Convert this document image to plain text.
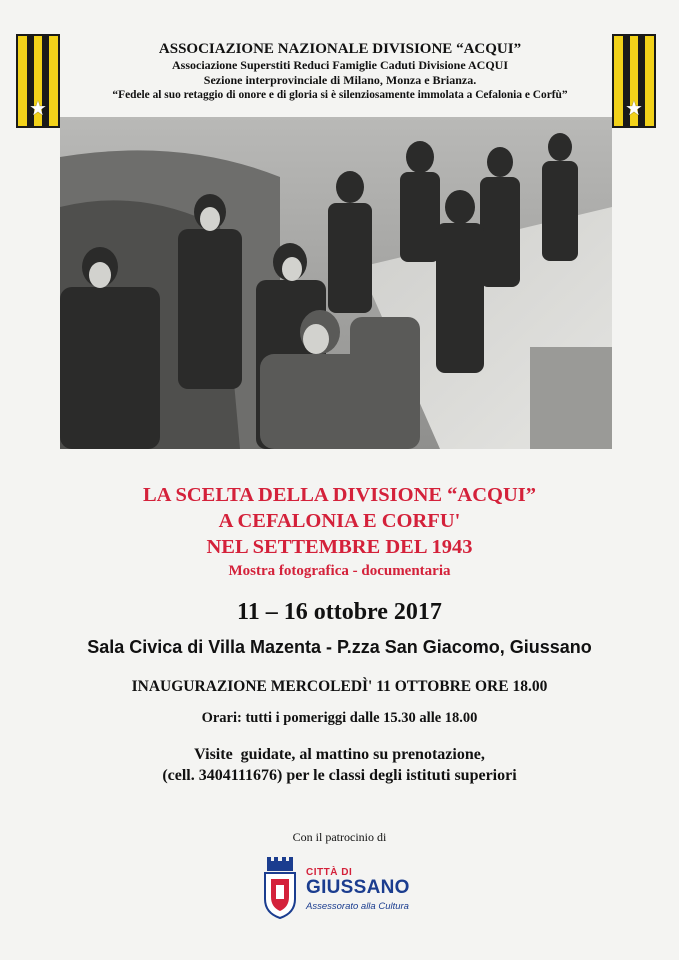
★	★
ASSOCIAZIONE NAZIONALE DIVISIONE “ACQUI”
Associazione Superstiti Reduci Famiglie Caduti Divisione ACQUI
Sezione interprovinciale di Milano, Monza e Brianza.
“Fedele al suo retaggio di onore e di gloria si è silenziosamente immolata a Cefalonia e Corfù”
LA SCELTA DELLA DIVISIONE “ACQUI”
A CEFALONIA E CORFU'
NEL SETTEMBRE DEL 1943
Mostra fotografica - documentaria
11 – 16 ottobre 2017
Sala Civica di Villa Mazenta - P.zza San Giacomo, Giussano
INAUGURAZIONE MERCOLEDÌ' 11 OTTOBRE ORE 18.00
Orari: tutti i pomeriggi dalle 15.30 alle 18.00
Visite  guidate, al mattino su prenotazione,
(cell. 3404111676) per le classi degli istituti superiori
Con il patrocinio di
CITTÀ DI
GIUSSANO
Assessorato alla Cultura
